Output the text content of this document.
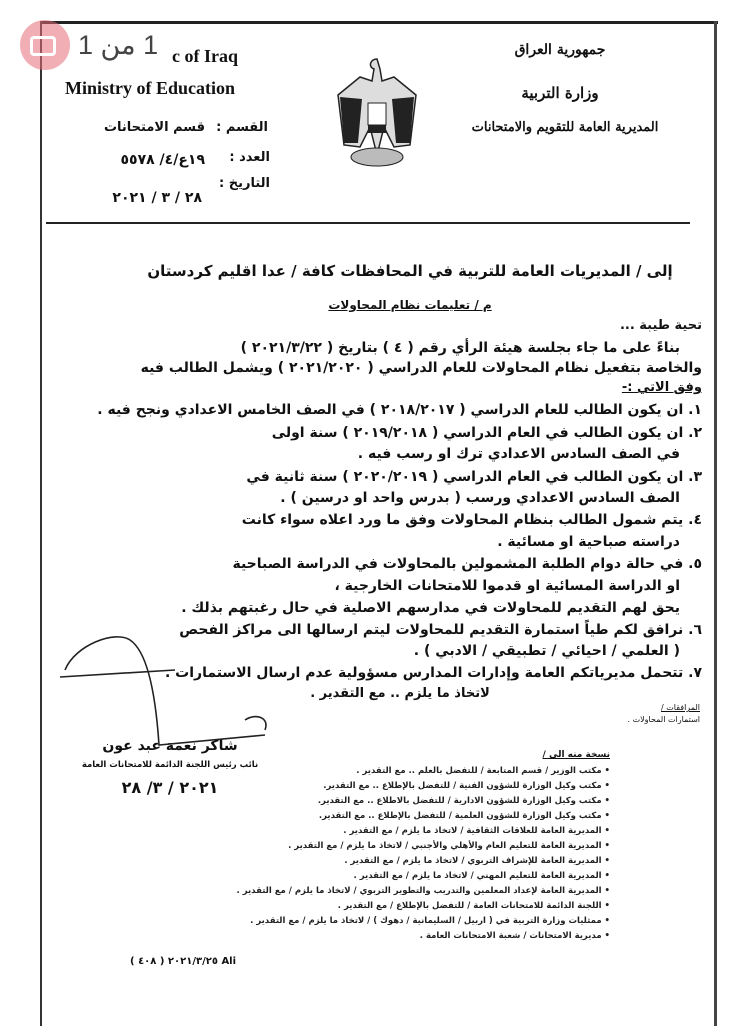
جمهورية العراق
وزارة التربية
المديرية العامة للتقويم والامتحانات
c of Iraq
Ministry of Education
القسم :
قسم الامتحانات
العدد :
١٩ع/٤/ ٥٥٧٨
التاريخ :
٢٨ / ٣ / ٢٠٢١
1 من 1
إلى / المديريات العامة للتربية في المحافظات كافة / عدا اقليم كردستان
م / تعليمات نظام المحاولات
تحية طيبة ...
بناءً على ما جاء بجلسة هيئة الرأي رقم ( ٤ ) بتاريخ ( ٢٠٢١/٣/٢٢ )
والخاصة بتفعيل نظام المحاولات للعام الدراسي ( ٢٠٢١/٢٠٢٠ ) ويشمل الطالب فيه
وفق الاتي :-
١. ان يكون الطالب للعام الدراسي ( ٢٠١٨/٢٠١٧ ) في الصف الخامس الاعدادي ونجح فيه .
٢. ان يكون الطالب في العام الدراسي ( ٢٠١٩/٢٠١٨ ) سنة اولى
في الصف السادس الاعدادي ترك او رسب فيه .
٣. ان يكون الطالب في العام الدراسي ( ٢٠٢٠/٢٠١٩ ) سنة ثانية في
الصف السادس الاعدادي ورسب ( بدرس واحد او درسين ) .
٤. يتم شمول الطالب بنظام المحاولات وفق ما ورد اعلاه سواء كانت
دراسته صباحية او مسائية .
٥. في حالة دوام الطلبة المشمولين بالمحاولات في الدراسة الصباحية
او الدراسة المسائية او قدموا للامتحانات الخارجية ،
يحق لهم التقديم للمحاولات في مدارسهم الاصلية في حال رغبتهم بذلك .
٦. نرافق لكم طياً استمارة التقديم للمحاولات ليتم ارسالها الى مراكز الفحص
( العلمي / احيائي / تطبيقي / الادبي ) .
٧. تتحمل مديرياتكم العامة وإدارات المدارس مسؤولية عدم ارسال الاستمارات .
لاتخاذ ما يلزم .. مع التقدير .
المرافقات /
استمارات المحاولات .
شاكر نعمة عبد عون
نائب رئيس اللجنة الدائمة للامتحانات العامة
٢٠٢١ / ٣/ ٢٨
نسخة منه الى /
• مكتب الوزير / قسم المتابعة / للتفضل بالعلم .. مع التقدير .
• مكتب وكيل الوزارة للشؤون الفنية / للتفضل بالإطلاع .. مع التقدير.
• مكتب وكيل الوزارة للشؤون الادارية / للتفضل بالاطلاع .. مع التقدير.
• مكتب وكيل الوزارة للشؤون العلمية / للتفضل بالإطلاع .. مع التقدير.
• المديرية العامة للعلاقات الثقافية / لاتخاذ ما يلزم / مع التقدير .
• المديرية العامة للتعليم العام والأهلي والأجنبي / لاتخاذ ما يلزم / مع التقدير .
• المديرية العامة للإشراف التربوي / لاتخاذ ما يلزم / مع التقدير .
• المديرية العامة للتعليم المهني / لاتخاذ ما يلزم / مع التقدير .
• المديرية العامة لإعداد المعلمين والتدريب والتطوير التربوي / لاتخاذ ما يلزم / مع التقدير .
• اللجنة الدائمة للامتحانات العامة / للتفضل بالإطلاع / مع التقدير .
• ممثليات وزارة التربية في ( اربيل / السليمانية / دهوك ) / لاتخاذ ما يلزم / مع التقدير .
• مديرية الامتحانات / شعبة الامتحانات العامة .
Ali ٢٠٢١/٣/٢٥ ( ٤٠٨ )
